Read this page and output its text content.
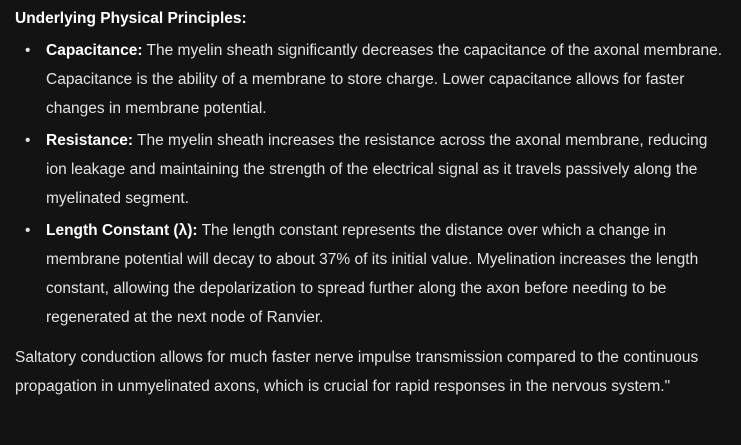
Underlying Physical Principles:
• Capacitance: The myelin sheath significantly decreases the capacitance of the axonal membrane. Capacitance is the ability of a membrane to store charge. Lower capacitance allows for faster changes in membrane potential.
• Resistance: The myelin sheath increases the resistance across the axonal membrane, reducing ion leakage and maintaining the strength of the electrical signal as it travels passively along the myelinated segment.
• Length Constant (λ): The length constant represents the distance over which a change in membrane potential will decay to about 37% of its initial value. Myelination increases the length constant, allowing the depolarization to spread further along the axon before needing to be regenerated at the next node of Ranvier.

Saltatory conduction allows for much faster nerve impulse transmission compared to the continuous propagation in unmyelinated axons, which is crucial for rapid responses in the nervous system."
